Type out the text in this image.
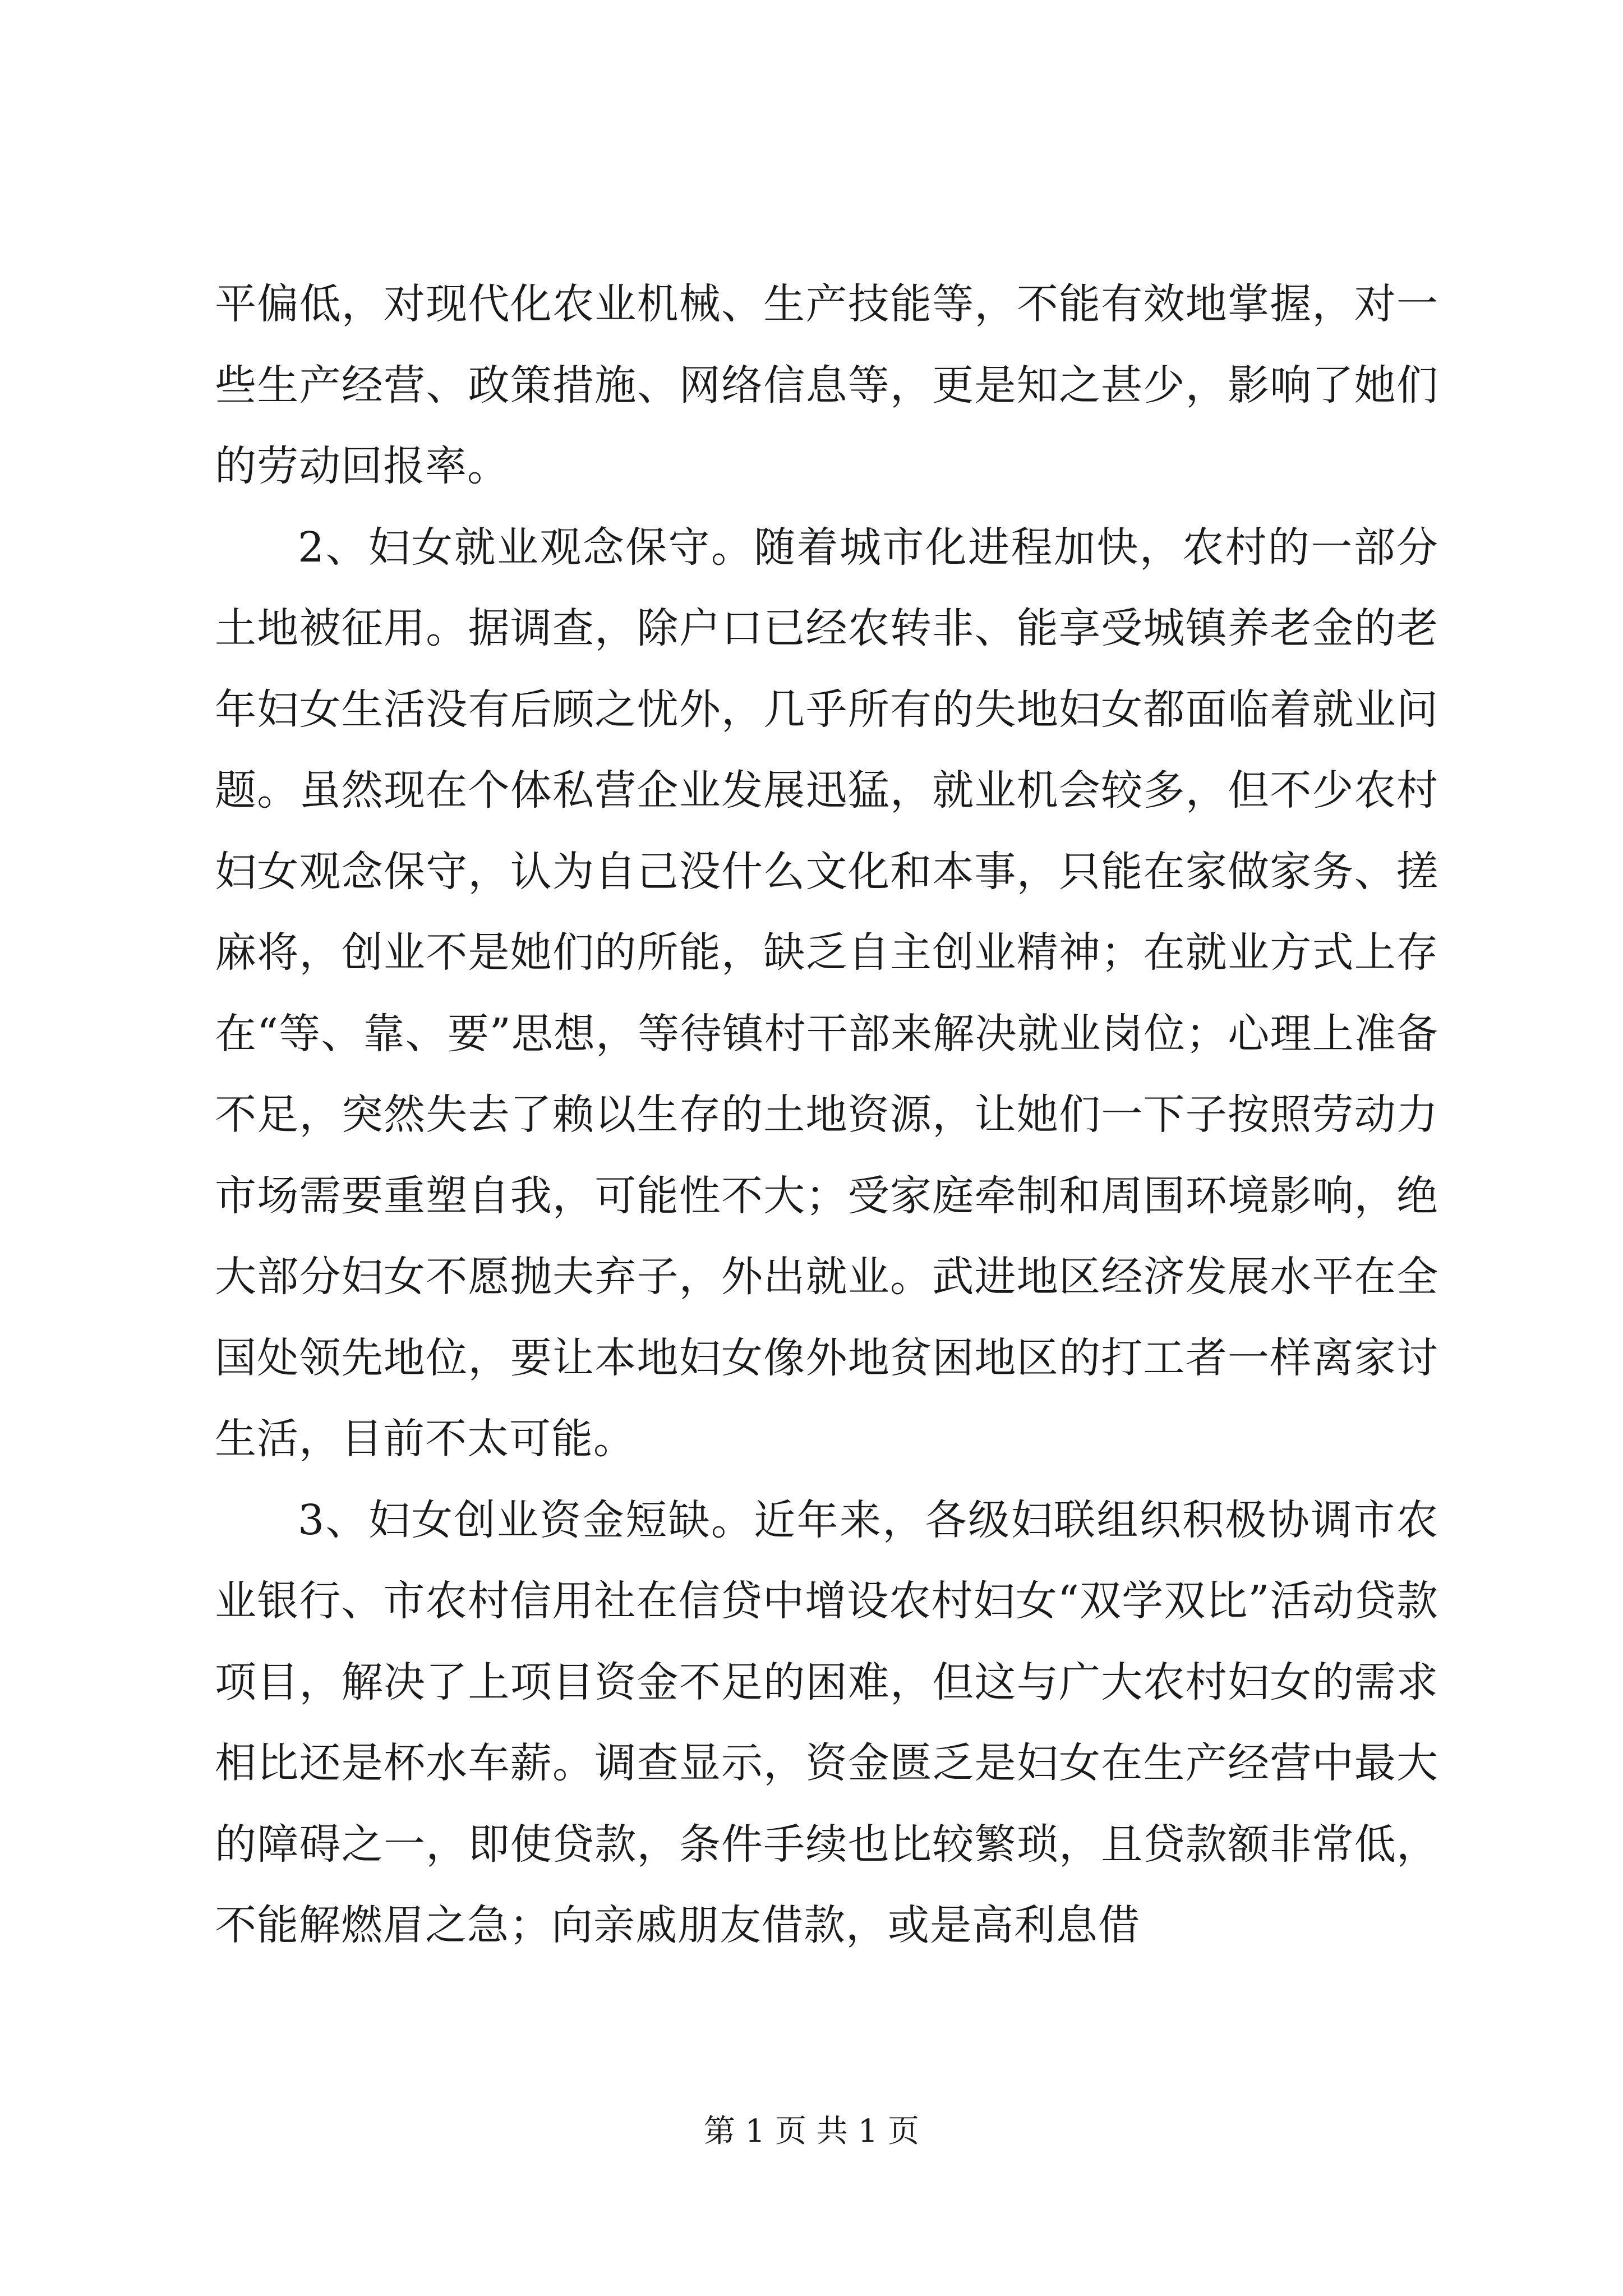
平偏低，对现代化农业机械、生产技能等，不能有效地掌握，对一些生产经营、政策措施、网络信息等，更是知之甚少，影响了她们的劳动回报率。

2、妇女就业观念保守。随着城市化进程加快，农村的一部分土地被征用。据调查，除户口已经农转非、能享受城镇养老金的老年妇女生活没有后顾之忧外，几乎所有的失地妇女都面临着就业问题。虽然现在个体私营企业发展迅猛，就业机会较多，但不少农村妇女观念保守，认为自己没什么文化和本事，只能在家做家务、搓麻将，创业不是她们的所能，缺乏自主创业精神；在就业方式上存在“等、靠、要”思想，等待镇村干部来解决就业岗位；心理上准备不足，突然失去了赖以生存的土地资源，让她们一下子按照劳动力市场需要重塑自我，可能性不大；受家庭牵制和周围环境影响，绝大部分妇女不愿抛夫弃子，外出就业。武进地区经济发展水平在全国处领先地位，要让本地妇女像外地贫困地区的打工者一样离家讨生活，目前不太可能。

3、妇女创业资金短缺。近年来，各级妇联组织积极协调市农业银行、市农村信用社在信贷中增设农村妇女“双学双比”活动贷款项目，解决了上项目资金不足的困难，但这与广大农村妇女的需求相比还是杯水车薪。调查显示，资金匮乏是妇女在生产经营中最大的障碍之一，即使贷款，条件手续也比较繁琐，且贷款额非常低，不能解燃眉之急；向亲戚朋友借款，或是高利息借

第 1 页 共 1 页
